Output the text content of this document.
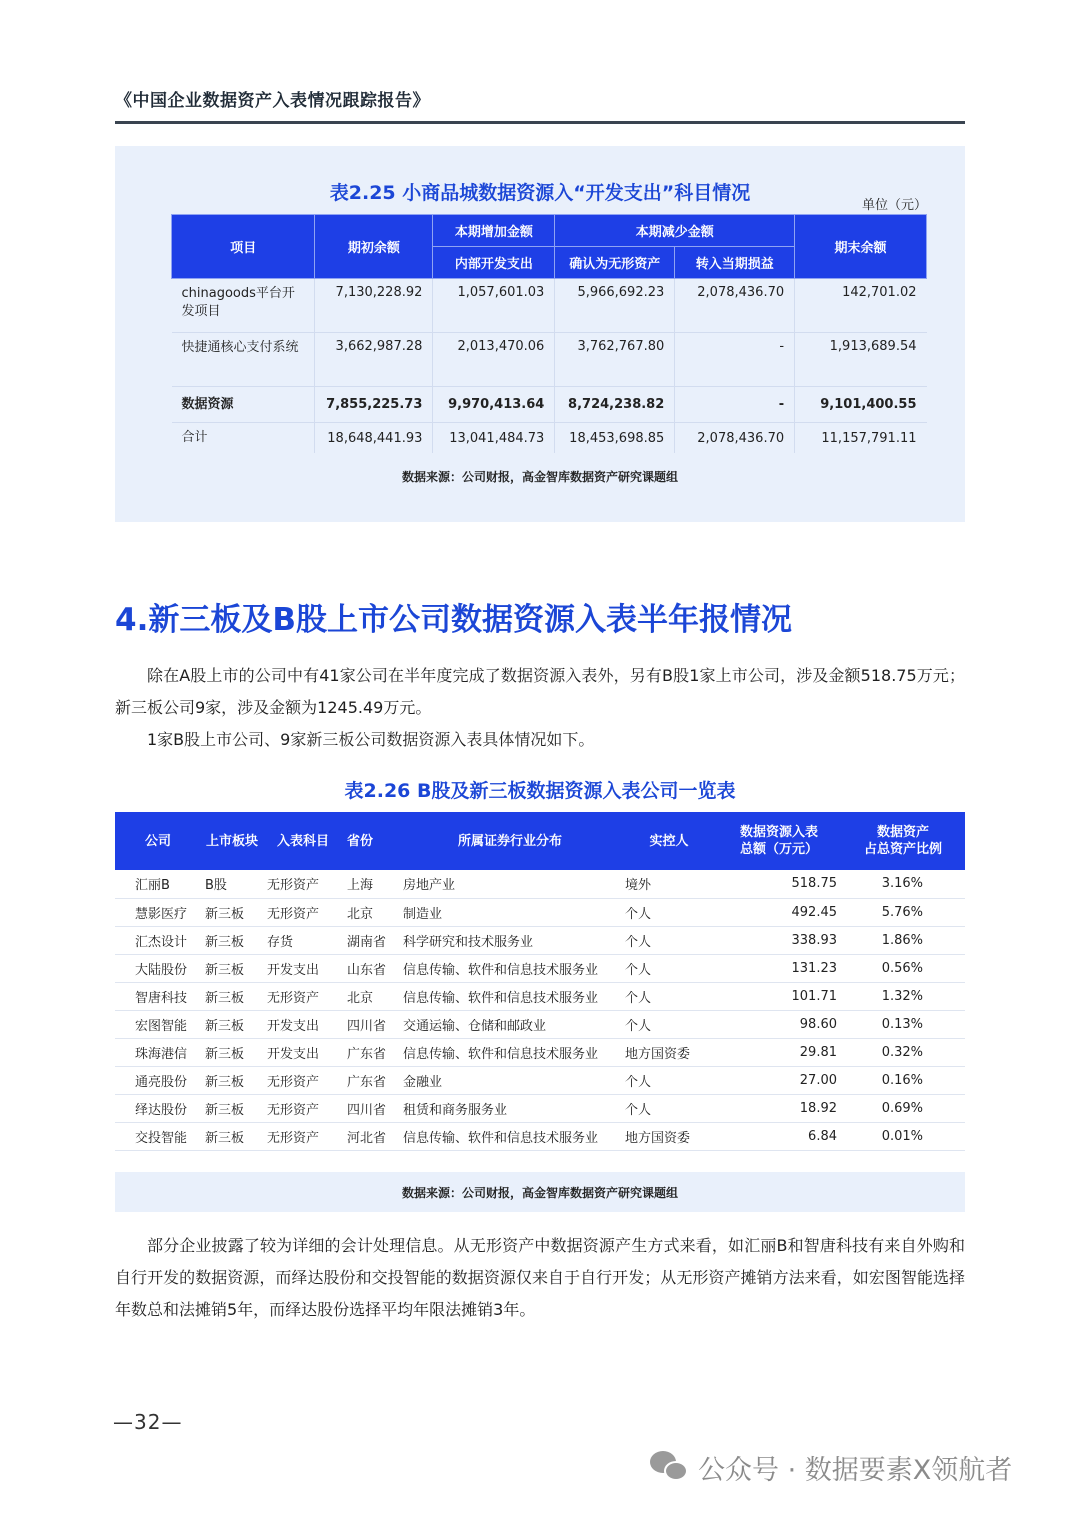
《中国企业数据资产入表情况跟踪报告》
表2.25 小商品城数据资源入“开发支出”科目情况
单位（元）
项目	期初余额	本期增加金额	本期减少金额		期末余额
		内部开发支出	确认为无形资产	转入当期损益	
chinagoods平台开发项目	7,130,228.92	1,057,601.03	5,966,692.23	2,078,436.70	142,701.02
快捷通核心支付系统	3,662,987.28	2,013,470.06	3,762,767.80	-	1,913,689.54
数据资源	7,855,225.73	9,970,413.64	8,724,238.82	-	9,101,400.55
合计	18,648,441.93	13,041,484.73	18,453,698.85	2,078,436.70	11,157,791.11
数据来源：公司财报，高金智库数据资产研究课题组
4.新三板及B股上市公司数据资源入表半年报情况

除在A股上市的公司中有41家公司在半年度完成了数据资源入表外，另有B股1家上市公司，涉及金额518.75万元；新三板公司9家，涉及金额为1245.49万元。

1家B股上市公司、9家新三板公司数据资源入表具体情况如下。

表2.26 B股及新三板数据资源入表公司一览表
公司	上市板块	入表科目	省份	所属证券行业分布	实控人	
数据资源入表
总额（万元）

数据资产
占总资产比例

汇丽B	B股	无形资产	上海	房地产业	境外	518.75	3.16%
慧影医疗	新三板	无形资产	北京	制造业	个人	492.45	5.76%
汇杰设计	新三板	存货	湖南省	科学研究和技术服务业	个人	338.93	1.86%
大陆股份	新三板	开发支出	山东省	信息传输、软件和信息技术服务业	个人	131.23	0.56%
智唐科技	新三板	无形资产	北京	信息传输、软件和信息技术服务业	个人	101.71	1.32%
宏图智能	新三板	开发支出	四川省	交通运输、仓储和邮政业	个人	98.60	0.13%
珠海港信	新三板	开发支出	广东省	信息传输、软件和信息技术服务业	地方国资委	29.81	0.32%
通亮股份	新三板	无形资产	广东省	金融业	个人	27.00	0.16%
绎达股份	新三板	无形资产	四川省	租赁和商务服务业	个人	18.92	0.69%
交投智能	新三板	无形资产	河北省	信息传输、软件和信息技术服务业	地方国资委	6.84	0.01%
数据来源：公司财报，高金智库数据资产研究课题组

部分企业披露了较为详细的会计处理信息。从无形资产中数据资源产生方式来看，如汇丽B和智唐科技有来自外购和自行开发的数据资源，而绎达股份和交投智能的数据资源仅来自于自行开发；从无形资产摊销方法来看，如宏图智能选择年数总和法摊销5年，而绎达股份选择平均年限法摊销3年。

—32—
公众号 · 数据要素X领航者
